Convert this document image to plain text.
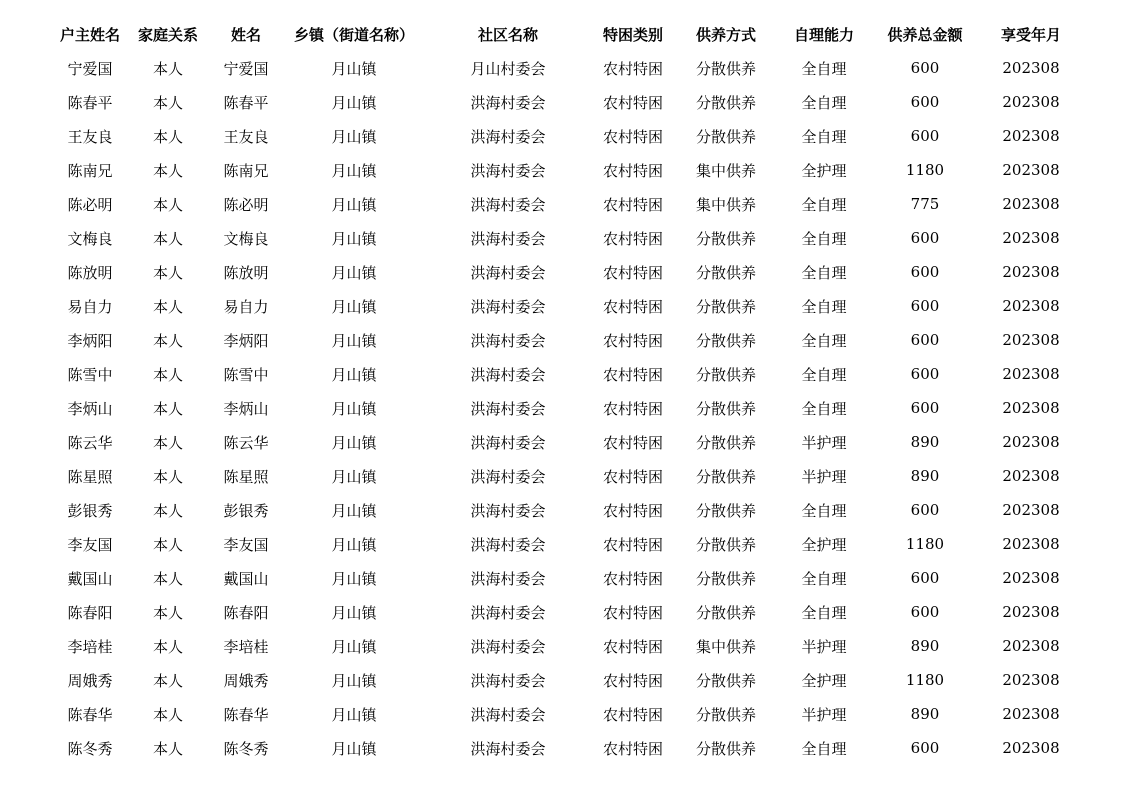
户主姓名	家庭关系	姓名	乡镇（街道名称）	社区名称	特困类别	供养方式	自理能力	供养总金额	享受年月
宁爱国	本人	宁爱国	月山镇	月山村委会	农村特困	分散供养	全自理	600	202308
陈春平	本人	陈春平	月山镇	洪海村委会	农村特困	分散供养	全自理	600	202308
王友良	本人	王友良	月山镇	洪海村委会	农村特困	分散供养	全自理	600	202308
陈南兄	本人	陈南兄	月山镇	洪海村委会	农村特困	集中供养	全护理	1180	202308
陈必明	本人	陈必明	月山镇	洪海村委会	农村特困	集中供养	全自理	775	202308
文梅良	本人	文梅良	月山镇	洪海村委会	农村特困	分散供养	全自理	600	202308
陈放明	本人	陈放明	月山镇	洪海村委会	农村特困	分散供养	全自理	600	202308
易自力	本人	易自力	月山镇	洪海村委会	农村特困	分散供养	全自理	600	202308
李炳阳	本人	李炳阳	月山镇	洪海村委会	农村特困	分散供养	全自理	600	202308
陈雪中	本人	陈雪中	月山镇	洪海村委会	农村特困	分散供养	全自理	600	202308
李炳山	本人	李炳山	月山镇	洪海村委会	农村特困	分散供养	全自理	600	202308
陈云华	本人	陈云华	月山镇	洪海村委会	农村特困	分散供养	半护理	890	202308
陈星照	本人	陈星照	月山镇	洪海村委会	农村特困	分散供养	半护理	890	202308
彭银秀	本人	彭银秀	月山镇	洪海村委会	农村特困	分散供养	全自理	600	202308
李友国	本人	李友国	月山镇	洪海村委会	农村特困	分散供养	全护理	1180	202308
戴国山	本人	戴国山	月山镇	洪海村委会	农村特困	分散供养	全自理	600	202308
陈春阳	本人	陈春阳	月山镇	洪海村委会	农村特困	分散供养	全自理	600	202308
李培桂	本人	李培桂	月山镇	洪海村委会	农村特困	集中供养	半护理	890	202308
周娥秀	本人	周娥秀	月山镇	洪海村委会	农村特困	分散供养	全护理	1180	202308
陈春华	本人	陈春华	月山镇	洪海村委会	农村特困	分散供养	半护理	890	202308
陈冬秀	本人	陈冬秀	月山镇	洪海村委会	农村特困	分散供养	全自理	600	202308
